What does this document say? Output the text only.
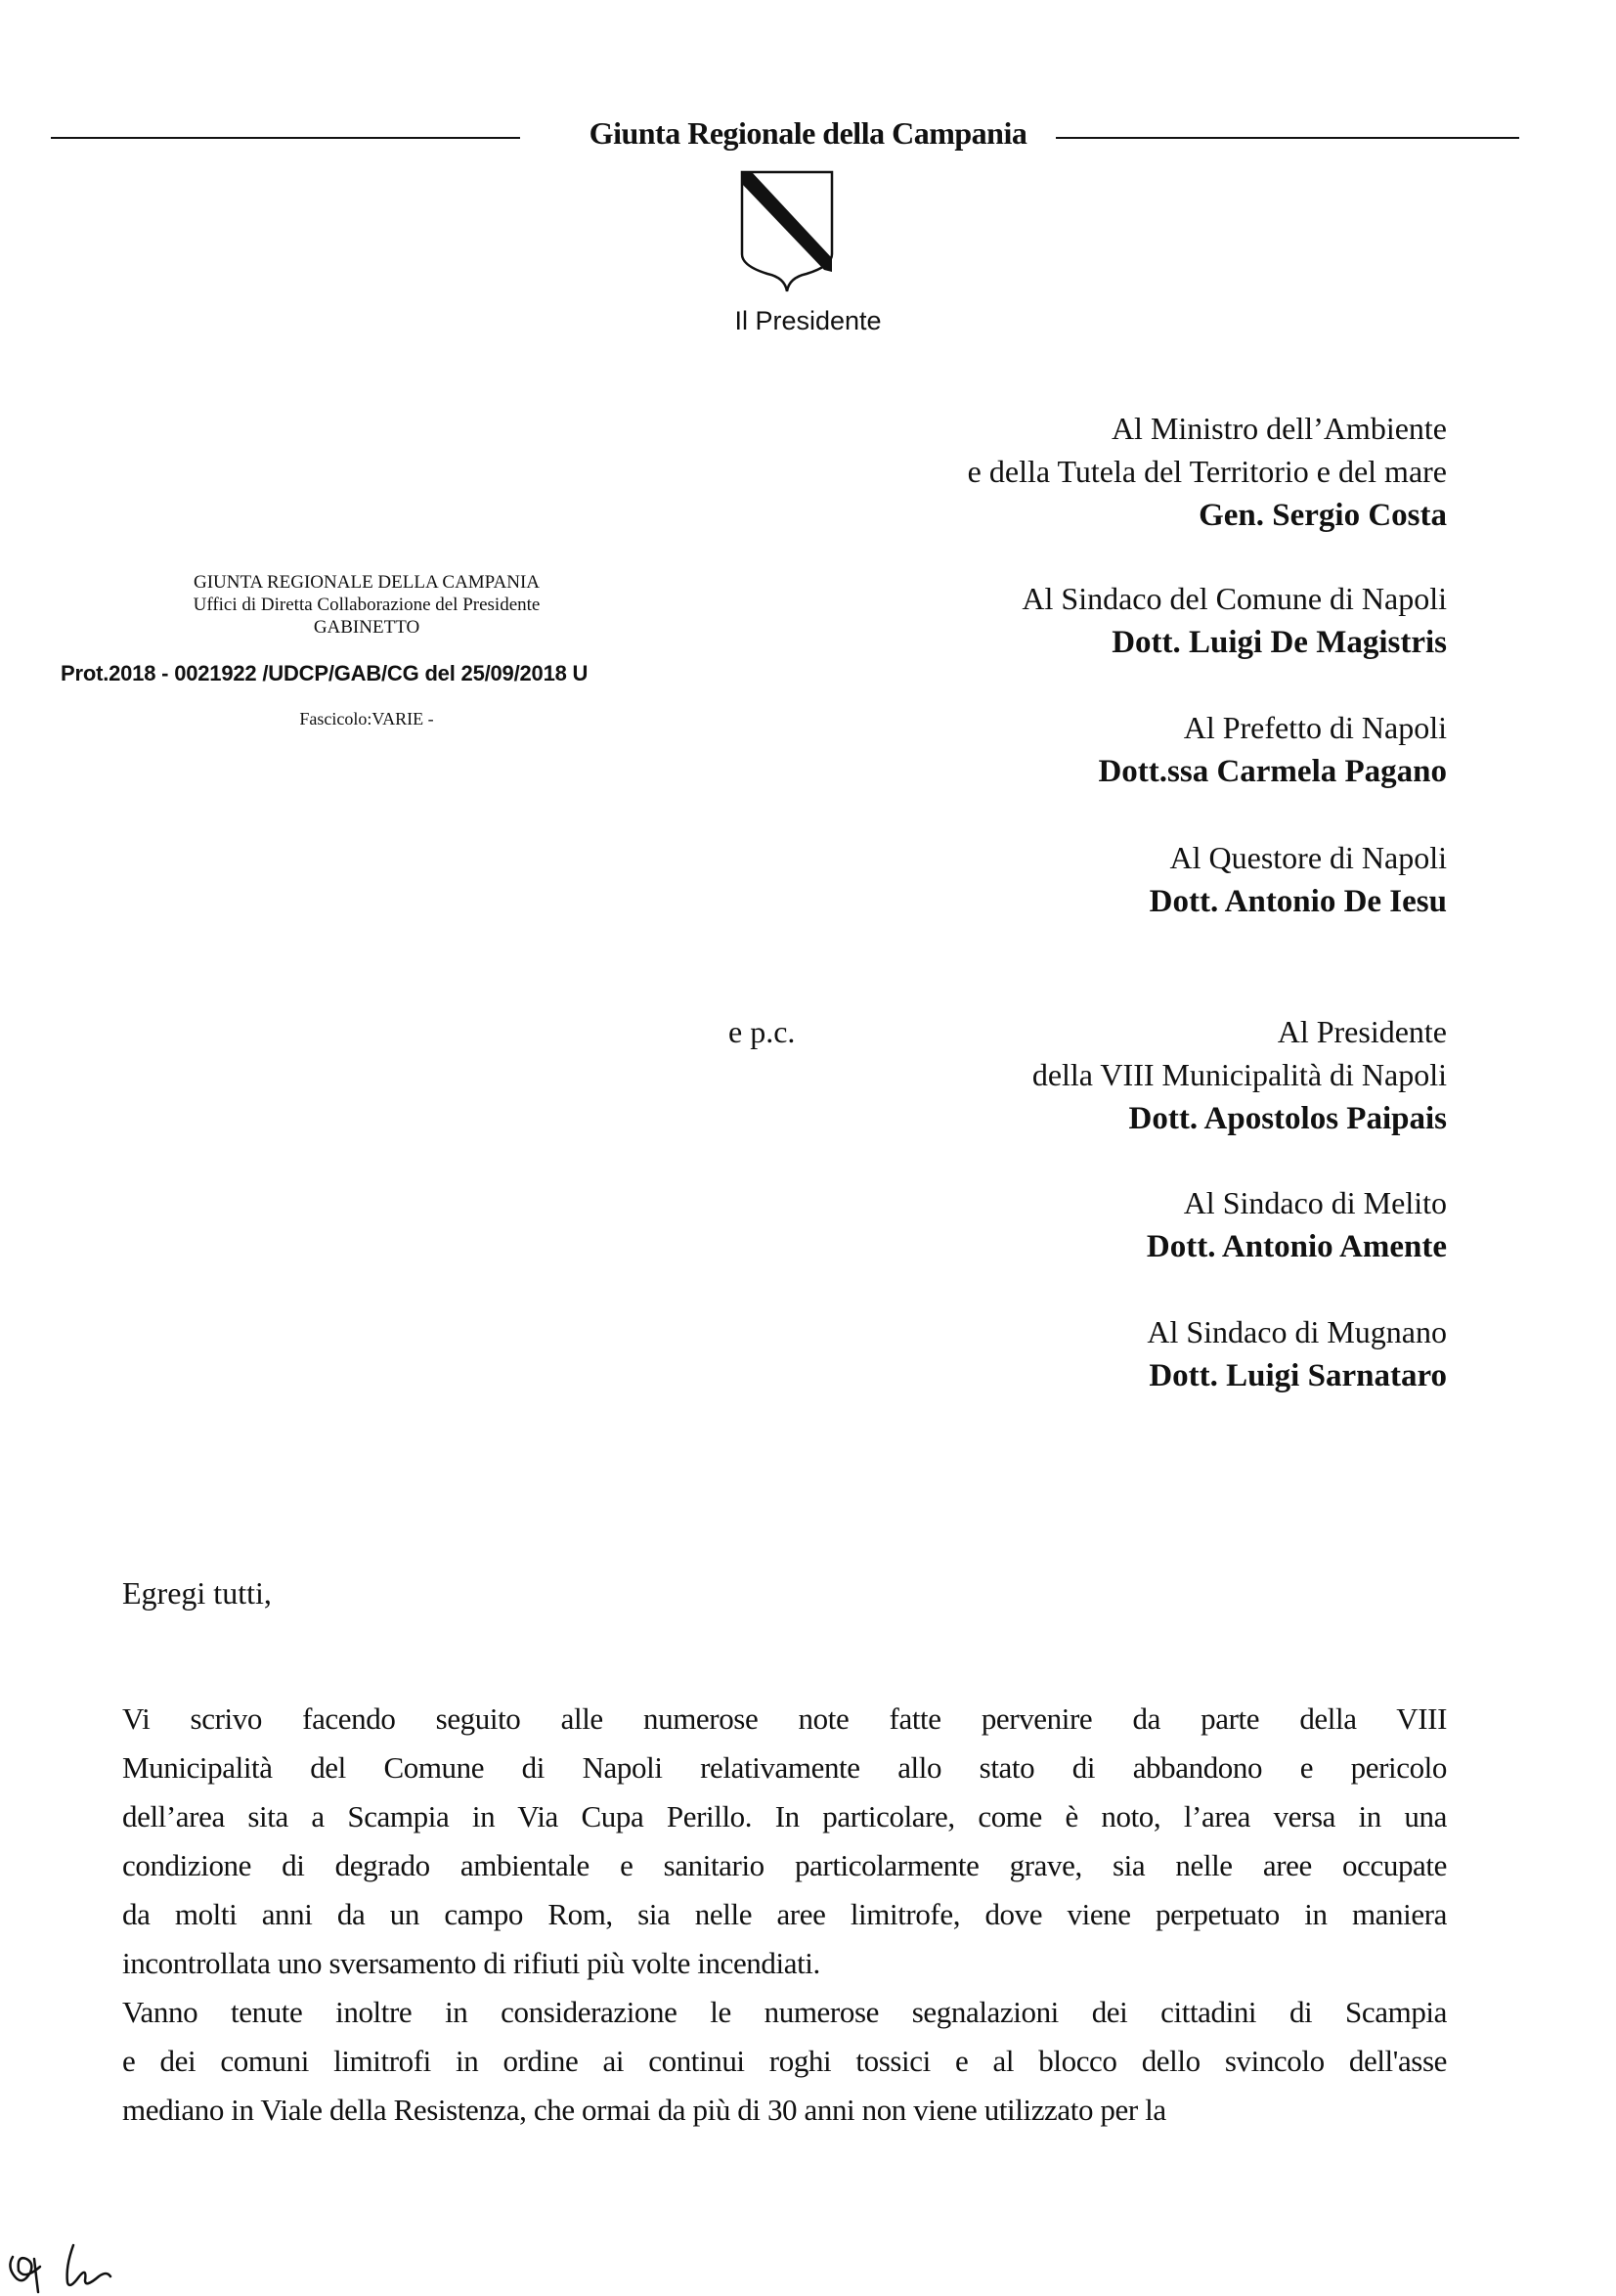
Giunta Regionale della Campania
Il Presidente
GIUNTA REGIONALE DELLA CAMPANIA
Uffici di Diretta Collaborazione del Presidente
GABINETTO
Prot.2018 - 0021922 /UDCP/GAB/CG del 25/09/2018 U
Fascicolo:VARIE -
Al Ministro dell’Ambiente
e della Tutela del Territorio e del mare
Gen. Sergio Costa
Al Sindaco del Comune di Napoli
Dott. Luigi De Magistris
Al Prefetto di Napoli
Dott.ssa Carmela Pagano
Al Questore di Napoli
Dott. Antonio De Iesu
e p.c.	Al Presidente
della VIII Municipalità di Napoli
Dott. Apostolos Paipais
Al Sindaco di Melito
Dott. Antonio Amente
Al Sindaco di Mugnano
Dott. Luigi Sarnataro
Egregi tutti,
Vi scrivo facendo seguito alle numerose note fatte pervenire da parte della VIII
Municipalità del Comune di Napoli relativamente allo stato di abbandono e pericolo
dell’area sita a Scampia in Via Cupa Perillo. In particolare, come è noto, l’area versa in una
condizione di degrado ambientale e sanitario particolarmente grave, sia nelle aree occupate
da molti anni da un campo Rom, sia nelle aree limitrofe, dove viene perpetuato in maniera
incontrollata uno sversamento di rifiuti più volte incendiati.
Vanno tenute inoltre in considerazione le numerose segnalazioni dei cittadini di Scampia
e dei comuni limitrofi in ordine ai continui roghi tossici e al blocco dello svincolo dell'asse
mediano in Viale della Resistenza, che ormai da più di 30 anni non viene utilizzato per la
